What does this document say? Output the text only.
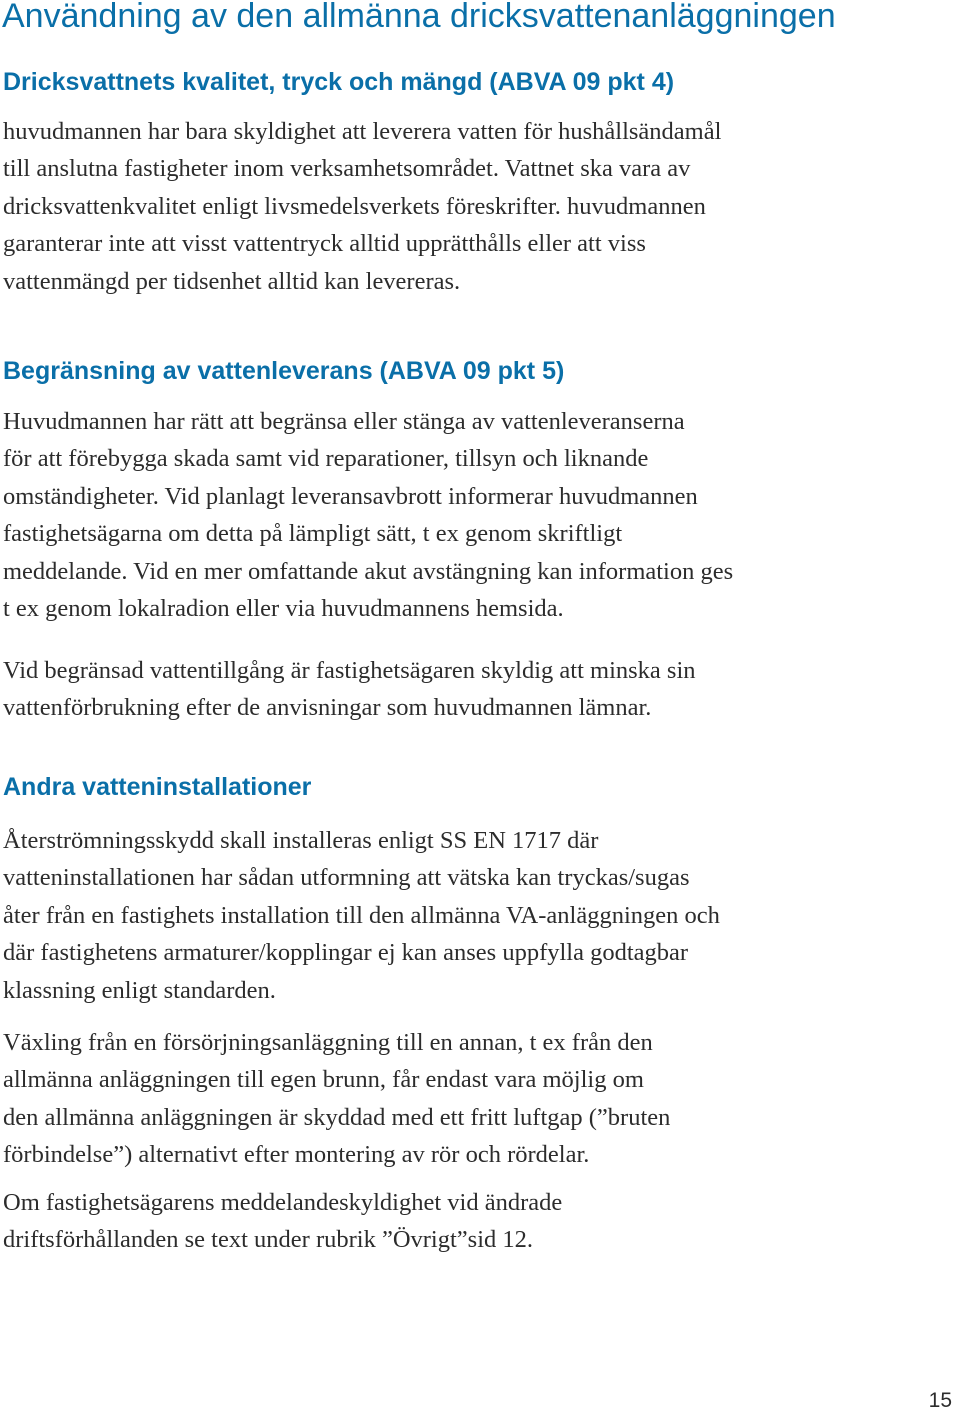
Användning av den allmänna dricksvattenanläggningen
Dricksvattnets kvalitet, tryck och mängd (ABVA 09 pkt 4)
huvudmannen har bara skyldighet att leverera vatten för hushållsändamål
till anslutna fastigheter inom verksamhetsområdet. Vattnet ska vara av
dricksvattenkvalitet enligt livsmedelsverkets föreskrifter. huvudmannen
garanterar inte att visst vattentryck alltid upprätthålls eller att viss
vattenmängd per tidsenhet alltid kan levereras.
Begränsning av vattenleverans (ABVA 09 pkt 5)
Huvudmannen har rätt att begränsa eller stänga av vattenleveranserna
för att förebygga skada samt vid reparationer, tillsyn och liknande
omständigheter. Vid planlagt leveransavbrott informerar huvudmannen
fastighetsägarna om detta på lämpligt sätt, t ex genom skriftligt
meddelande. Vid en mer omfattande akut avstängning kan information ges
t ex genom lokalradion eller via huvudmannens hemsida.
Vid begränsad vattentillgång är fastighetsägaren skyldig att minska sin
vattenförbrukning efter de anvisningar som huvudmannen lämnar.
Andra vatteninstallationer
Återströmningsskydd skall installeras enligt SS EN 1717 där
vatteninstallationen har sådan utformning att vätska kan tryckas/sugas
åter från en fastighets installation till den allmänna VA-anläggningen och
där fastighetens armaturer/kopplingar ej kan anses uppfylla godtagbar
klassning enligt standarden.
Växling från en försörjningsanläggning till en annan, t ex från den
allmänna anläggningen till egen brunn, får endast vara möjlig om
den allmänna anläggningen är skyddad med ett fritt luftgap (”bruten
förbindelse”) alternativt efter montering av rör och rördelar.
Om fastighetsägarens meddelandeskyldighet vid ändrade
driftsförhållanden se text under rubrik ”Övrigt”sid 12.

15
